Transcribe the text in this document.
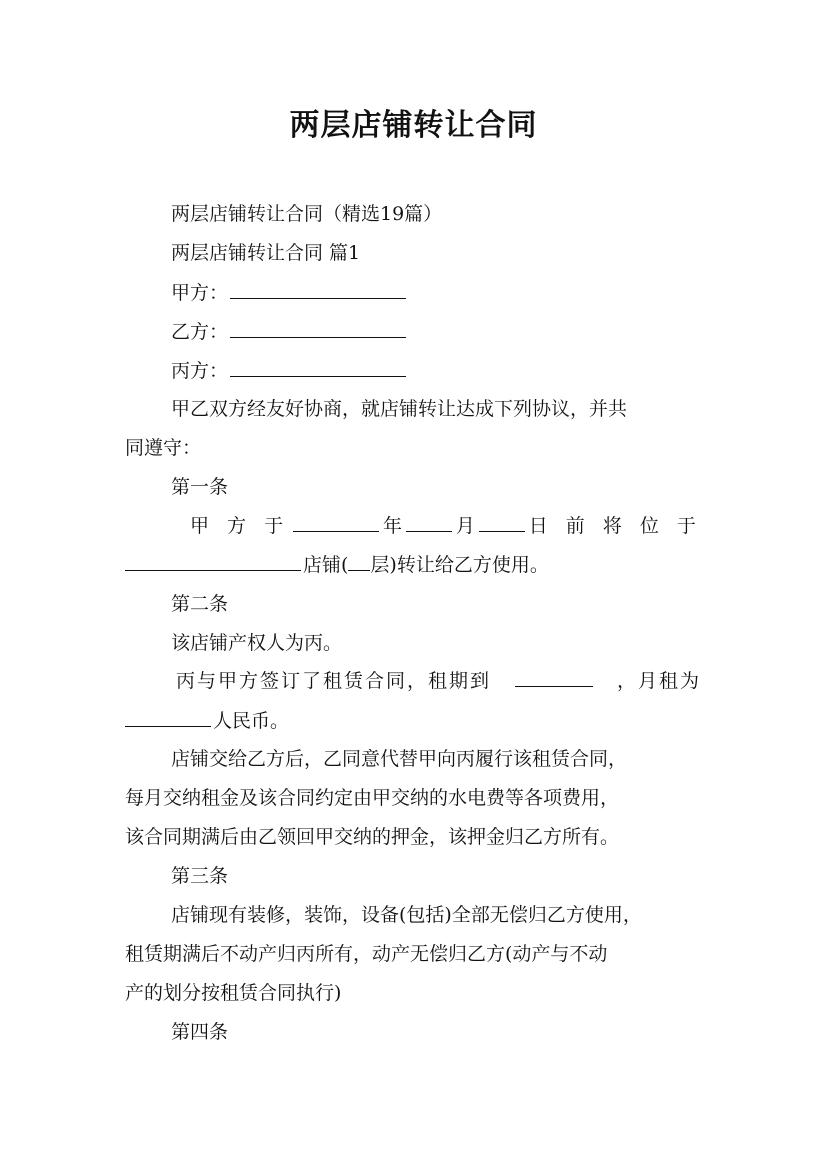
两层店铺转让合同
两层店铺转让合同（精选19篇）
两层店铺转让合同 篇1
甲方：
乙方：
丙方：
甲乙双方经友好协商，就店铺转让达成下列协议，并共
同遵守：
第一条
甲 方 于	年	月	日 前 将 位 于
店铺( 层)转让给乙方使用。
第二条
该店铺产权人为丙。
丙与甲方签订了租赁合同，租期到	，月租为
人民币。
店铺交给乙方后，乙同意代替甲向丙履行该租赁合同，
每月交纳租金及该合同约定由甲交纳的水电费等各项费用，
该合同期满后由乙领回甲交纳的押金，该押金归乙方所有。
第三条
店铺现有装修，装饰，设备(包括)全部无偿归乙方使用，
租赁期满后不动产归丙所有，动产无偿归乙方(动产与不动
产的划分按租赁合同执行)
第四条
